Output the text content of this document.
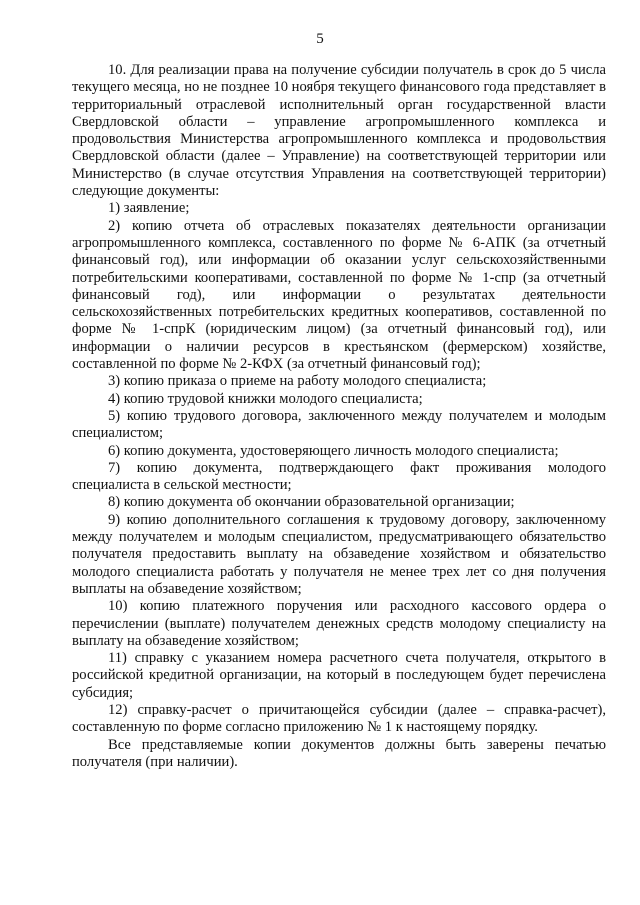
5

10. Для реализации права на получение субсидии получатель в срок до 5 числа текущего месяца, но не позднее 10 ноября текущего финансового года представляет в территориальный отраслевой исполнительный орган государственной власти Свердловской области – управление агропромышленного комплекса и продовольствия Министерства агропромышленного комплекса и продовольствия Свердловской области (далее – Управление) на соответствующей территории или Министерство (в случае отсутствия Управления на соответствующей территории) следующие документы:

1) заявление;

2) копию отчета об отраслевых показателях деятельности организации агропромышленного комплекса, составленного по форме № 6-АПК (за отчетный финансовый год), или информации об оказании услуг сельскохозяйственными потребительскими кооперативами, составленной по форме № 1-спр (за отчетный финансовый год), или информации о результатах деятельности сельскохозяйственных потребительских кредитных кооперативов, составленной по форме № 1-спрК (юридическим лицом) (за отчетный финансовый год), или информации о наличии ресурсов в крестьянском (фермерском) хозяйстве, составленной по форме № 2-КФХ (за отчетный финансовый год);

3) копию приказа о приеме на работу молодого специалиста;

4) копию трудовой книжки молодого специалиста;

5) копию трудового договора, заключенного между получателем и молодым специалистом;

6) копию документа, удостоверяющего личность молодого специалиста;

7) копию документа, подтверждающего факт проживания молодого специалиста в сельской местности;

8) копию документа об окончании образовательной организации;

9) копию дополнительного соглашения к трудовому договору, заключенному между получателем и молодым специалистом, предусматривающего обязательство получателя предоставить выплату на обзаведение хозяйством и обязательство молодого специалиста работать у получателя не менее трех лет со дня получения выплаты на обзаведение хозяйством;

10) копию платежного поручения или расходного кассового ордера о перечислении (выплате) получателем денежных средств молодому специалисту на выплату на обзаведение хозяйством;

11) справку с указанием номера расчетного счета получателя, открытого в российской кредитной организации, на который в последующем будет перечислена субсидия;

12) справку-расчет о причитающейся субсидии (далее – справка-расчет), составленную по форме согласно приложению № 1 к настоящему порядку.

Все представляемые копии документов должны быть заверены печатью получателя (при наличии).
